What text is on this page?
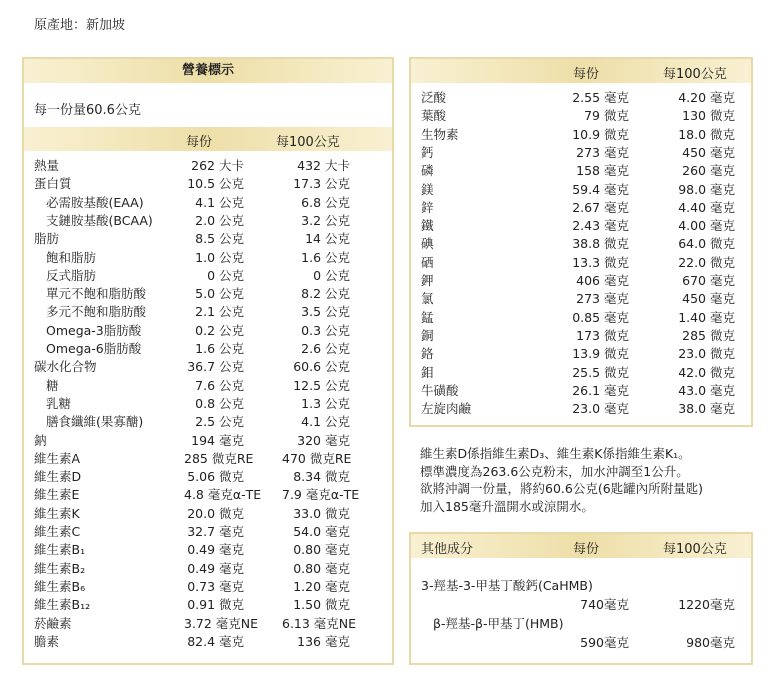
原產地：新加坡
營養標示
每一份量60.6公克
每份	每100公克
熱量	262 大卡	432 大卡
蛋白質	10.5 公克	17.3 公克
必需胺基酸(EAA)	4.1 公克	6.8 公克
支鏈胺基酸(BCAA)	2.0 公克	3.2 公克
脂肪	8.5 公克	14 公克
飽和脂肪	1.0 公克	1.6 公克
反式脂肪	0 公克	0 公克
單元不飽和脂肪酸	5.0 公克	8.2 公克
多元不飽和脂肪酸	2.1 公克	3.5 公克
Omega-3脂肪酸	0.2 公克	0.3 公克
Omega-6脂肪酸	1.6 公克	2.6 公克
碳水化合物	36.7 公克	60.6 公克
糖	7.6 公克	12.5 公克
乳糖	0.8 公克	1.3 公克
膳食纖維(果寡醣)	2.5 公克	4.1 公克
鈉	194 毫克	320 毫克
維生素A	285 微克RE 470 微克RE
維生素D	5.06 微克	8.34 微克
維生素E	4.8 毫克α-TE 7.9 毫克α-TE
維生素K	20.0 微克	33.0 微克
維生素C	32.7 毫克	54.0 毫克
維生素B₁	0.49 毫克	0.80 毫克
維生素B₂	0.49 毫克	0.80 毫克
維生素B₆	0.73 毫克	1.20 毫克
維生素B₁₂	0.91 微克	1.50 微克
菸鹼素	3.72 毫克NE 6.13 毫克NE
膽素	82.4 毫克	136 毫克
每份	每100公克
泛酸	2.55 毫克	4.20 毫克
葉酸	79 微克	130 微克
生物素	10.9 微克	18.0 微克
鈣	273 毫克	450 毫克
磷	158 毫克	260 毫克
鎂	59.4 毫克	98.0 毫克
鋅	2.67 毫克	4.40 毫克
鐵	2.43 毫克	4.00 毫克
碘	38.8 微克	64.0 微克
硒	13.3 微克	22.0 微克
鉀	406 毫克	670 毫克
氯	273 毫克	450 毫克
錳	0.85 毫克	1.40 毫克
銅	173 微克	285 微克
鉻	13.9 微克	23.0 微克
鉬	25.5 微克	42.0 微克
牛磺酸	26.1 毫克	43.0 毫克
左旋肉鹼	23.0 毫克	38.0 毫克
維生素D係指維生素D₃、維生素K係指維生素K₁。
標準濃度為263.6公克粉末，加水沖調至1公升。
欲將沖調一份量，將約60.6公克(6匙罐內所附量匙)
加入185毫升溫開水或涼開水。
其他成分	每份	每100公克
3-羥基-3-甲基丁酸鈣(CaHMB)
740毫克	1220毫克
β-羥基-β-甲基丁(HMB)
590毫克	980毫克
